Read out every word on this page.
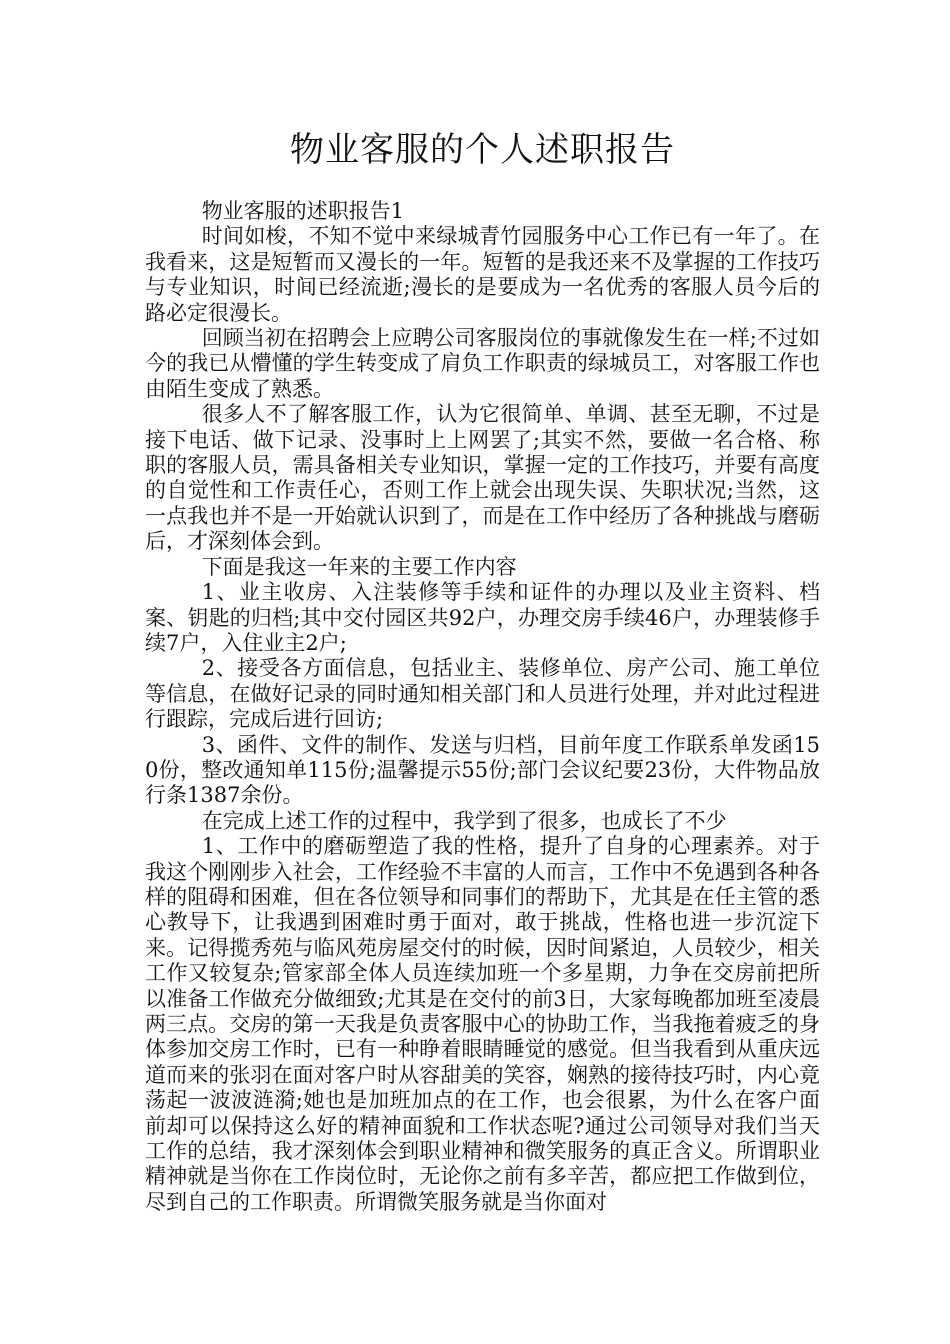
物业客服的个人述职报告

物业客服的述职报告1

时间如梭，不知不觉中来绿城青竹园服务中心工作已有一年了。在我看来，这是短暂而又漫长的一年。短暂的是我还来不及掌握的工作技巧与专业知识，时间已经流逝;漫长的是要成为一名优秀的客服人员今后的路必定很漫长。

回顾当初在招聘会上应聘公司客服岗位的事就像发生在一样;不过如今的我已从懵懂的学生转变成了肩负工作职责的绿城员工，对客服工作也由陌生变成了熟悉。

很多人不了解客服工作，认为它很简单、单调、甚至无聊，不过是接下电话、做下记录、没事时上上网罢了;其实不然，要做一名合格、称职的客服人员，需具备相关专业知识，掌握一定的工作技巧，并要有高度的自觉性和工作责任心，否则工作上就会出现失误、失职状况;当然，这一点我也并不是一开始就认识到了，而是在工作中经历了各种挑战与磨砺后，才深刻体会到。

下面是我这一年来的主要工作内容

1、业主收房、入注装修等手续和证件的办理以及业主资料、档案、钥匙的归档;其中交付园区共92户，办理交房手续46户，办理装修手续7户，入住业主2户;

2、接受各方面信息，包括业主、装修单位、房产公司、施工单位等信息，在做好记录的同时通知相关部门和人员进行处理，并对此过程进行跟踪，完成后进行回访;

3、函件、文件的制作、发送与归档，目前年度工作联系单发函150份，整改通知单115份;温馨提示55份;部门会议纪要23份，大件物品放行条1387余份。

在完成上述工作的过程中，我学到了很多，也成长了不少

1、工作中的磨砺塑造了我的性格，提升了自身的心理素养。对于我这个刚刚步入社会，工作经验不丰富的人而言，工作中不免遇到各种各样的阻碍和困难，但在各位领导和同事们的帮助下，尤其是在任主管的悉心教导下，让我遇到困难时勇于面对，敢于挑战，性格也进一步沉淀下来。记得揽秀苑与临风苑房屋交付的时候，因时间紧迫，人员较少，相关工作又较复杂;管家部全体人员连续加班一个多星期，力争在交房前把所以准备工作做充分做细致;尤其是在交付的前3日，大家每晚都加班至凌晨两三点。交房的第一天我是负责客服中心的协助工作，当我拖着疲乏的身体参加交房工作时，已有一种睁着眼睛睡觉的感觉。但当我看到从重庆远道而来的张羽在面对客户时从容甜美的笑容，娴熟的接待技巧时，内心竟荡起一波波涟漪;她也是加班加点的在工作，也会很累，为什么在客户面前却可以保持这么好的精神面貌和工作状态呢?通过公司领导对我们当天工作的总结，我才深刻体会到职业精神和微笑服务的真正含义。所谓职业精神就是当你在工作岗位时，无论你之前有多辛苦，都应把工作做到位，尽到自己的工作职责。所谓微笑服务就是当你面对
